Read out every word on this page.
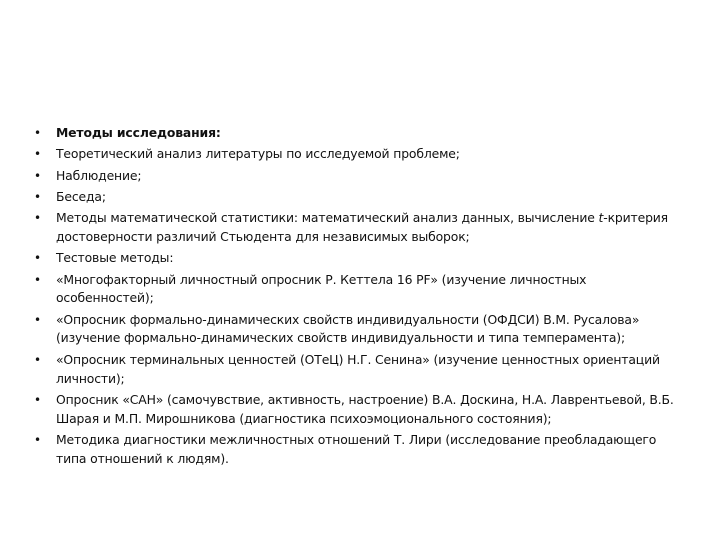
• Методы исследования:
• Теоретический анализ литературы по исследуемой проблеме;
• Наблюдение;
• Беседа;
• Методы математической статистики: математический анализ данных, вычисление t-критерия достоверности различий Стьюдента для независимых выборок;
• Тестовые методы:
• «Многофакторный личностный опросник Р. Кеттела 16 PF» (изучение личностных особенностей);
• «Опросник формально-динамических свойств индивидуальности (ОФДСИ) В.М. Русалова» (изучение формально-динамических свойств индивидуальности и типа темперамента);
• «Опросник терминальных ценностей (ОТеЦ) Н.Г. Сенина» (изучение ценностных ориентаций личности);
• Опросник «САН» (самочувствие, активность, настроение) В.А. Доскина, Н.А. Лаврентьевой, В.Б. Шарая и М.П. Мирошникова (диагностика психоэмоционального состояния);
• Методика диагностики межличностных отношений Т. Лири (исследование преобладающего типа отношений к людям).
